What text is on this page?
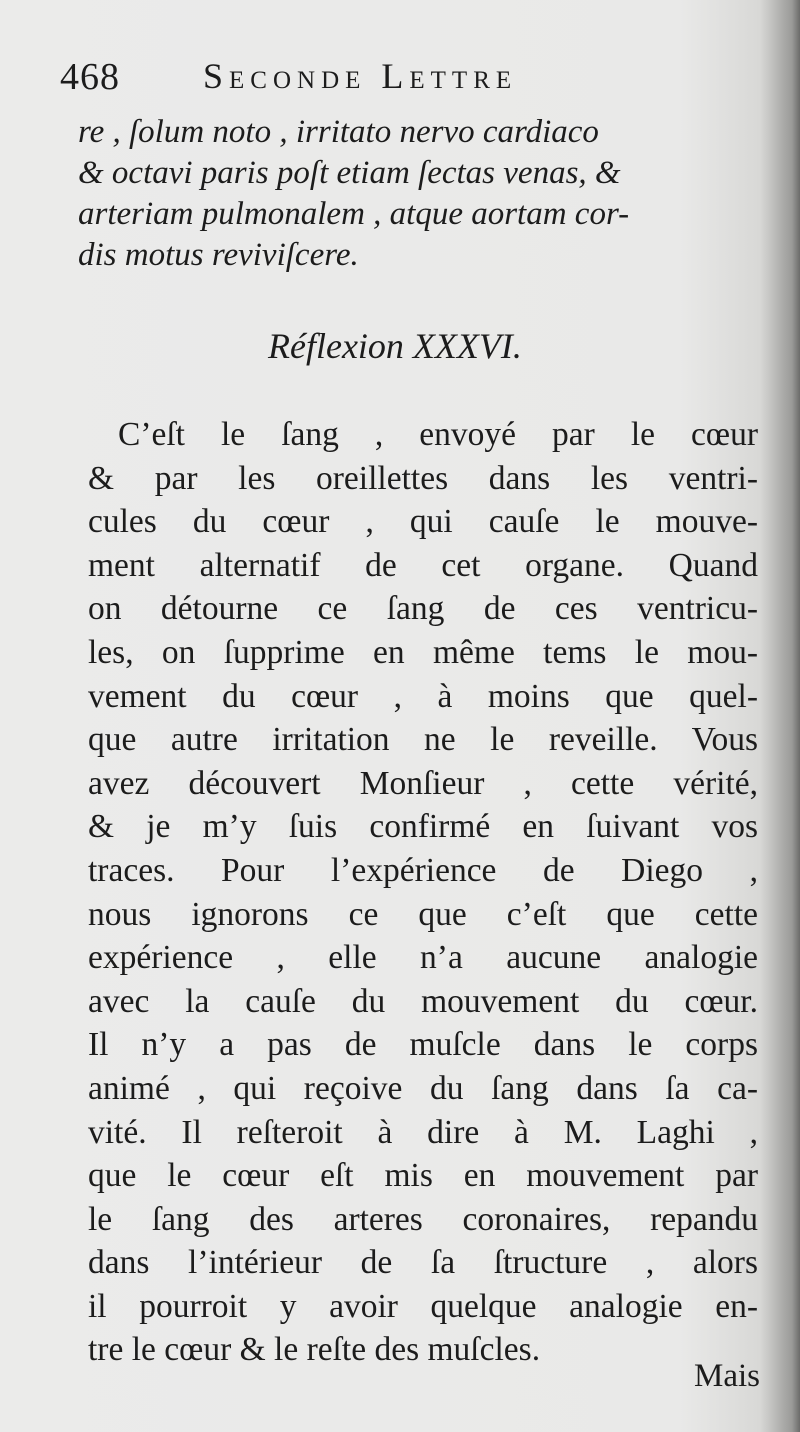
468 Seconde Lettre
re , ſolum noto , irritato nervo cardiaco
& octavi paris poſt etiam ſectas venas, &
arteriam pulmonalem , atque aortam cor-
dis motus reviviſcere.
Réflexion XXXVI.
C’eſt le ſang , envoyé par le cœur
& par les oreillettes dans les ventri-
cules du cœur , qui cauſe le mouve-
ment alternatif de cet organe. Quand
on détourne ce ſang de ces ventricu-
les, on ſupprime en même tems le mou-
vement du cœur , à moins que quel-
que autre irritation ne le reveille. Vous
avez découvert Monſieur , cette vérité,
& je m’y ſuis confirmé en ſuivant vos
traces. Pour l’expérience de Diego ,
nous ignorons ce que c’eſt que cette
expérience , elle n’a aucune analogie
avec la cauſe du mouvement du cœur.
Il n’y a pas de muſcle dans le corps
animé , qui reçoive du ſang dans ſa ca-
vité. Il reſteroit à dire à M. Laghi ,
que le cœur eſt mis en mouvement par
le ſang des arteres coronaires, repandu
dans l’intérieur de ſa ſtructure , alors
il pourroit y avoir quelque analogie en-
tre le cœur & le reſte des muſcles.
Mais
